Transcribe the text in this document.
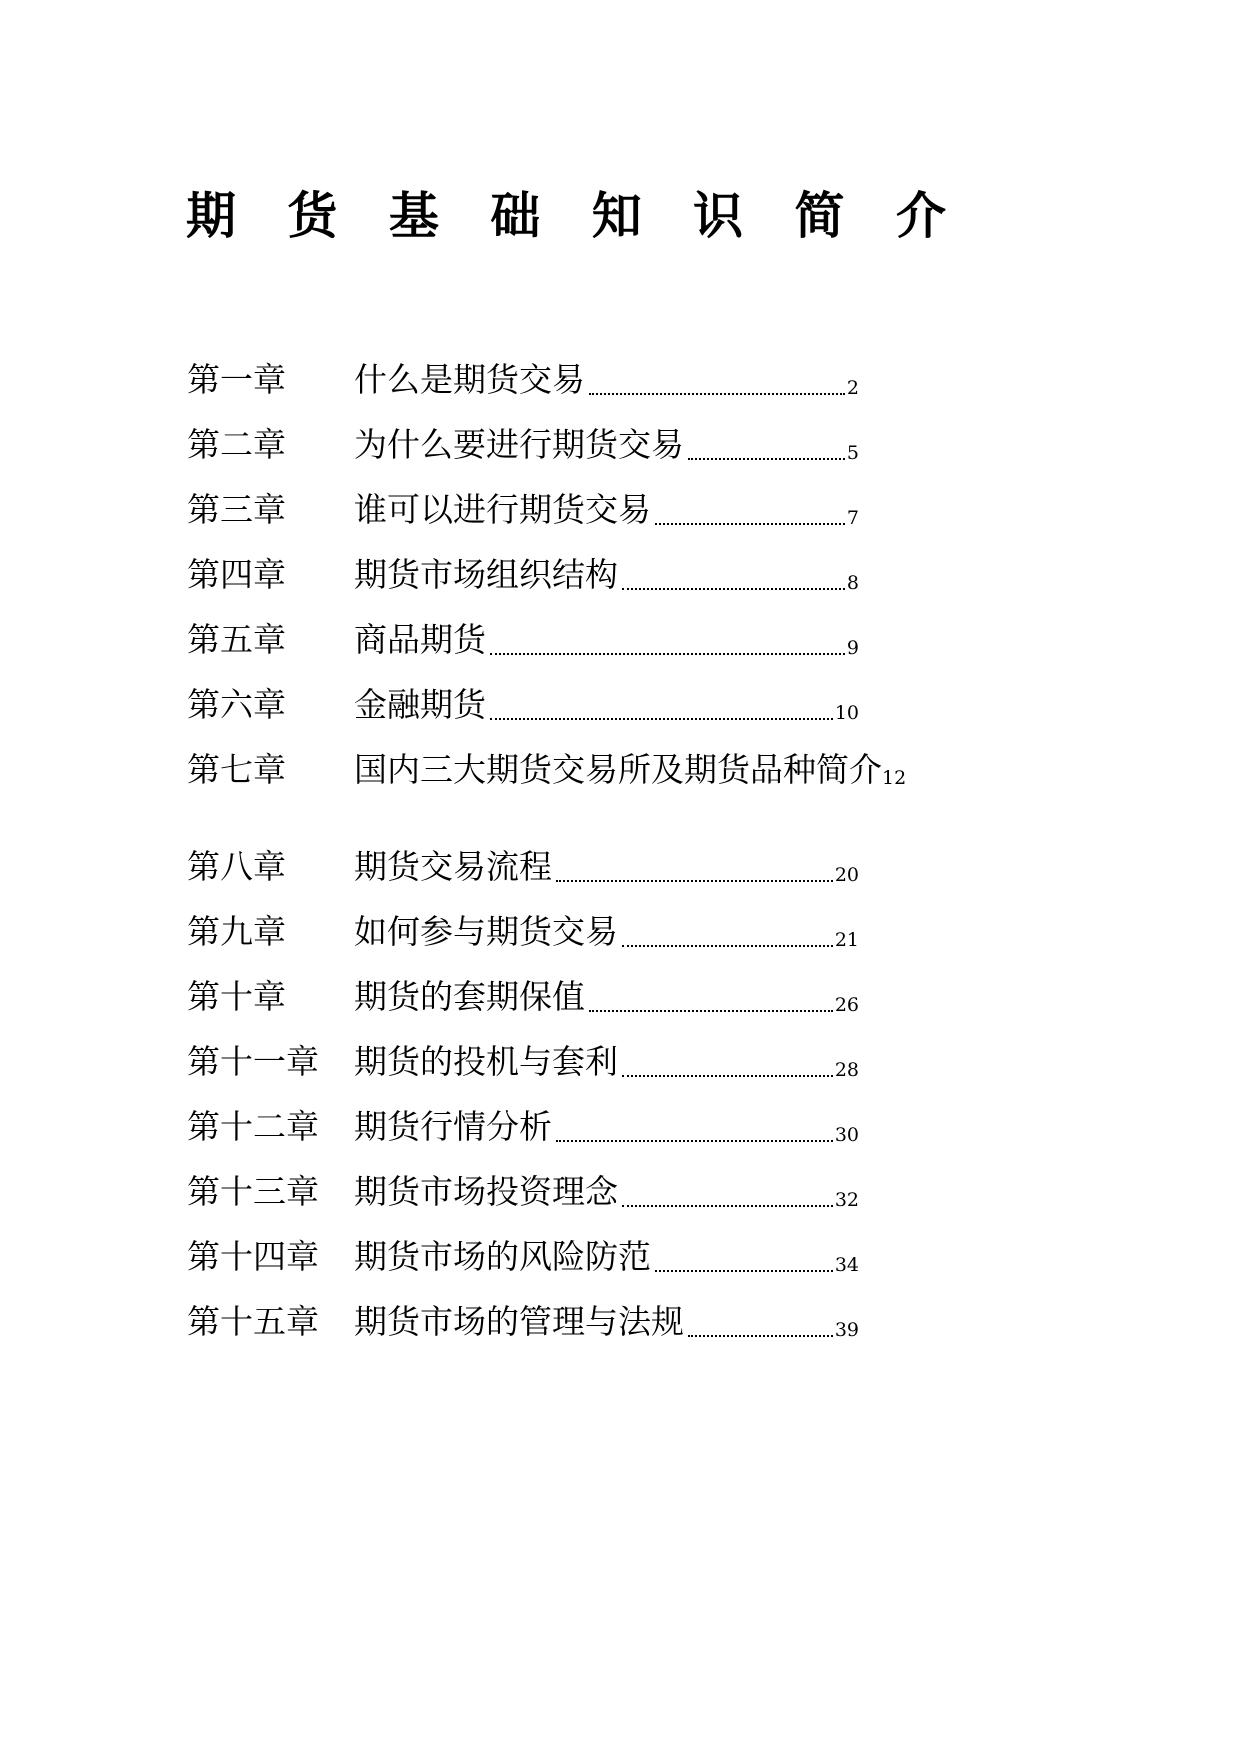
期 货 基 础 知 识 简 介
第一章	什么是期货交易	2
第二章	为什么要进行期货交易	5
第三章	谁可以进行期货交易	7
第四章	期货市场组织结构	8
第五章	商品期货	9
第六章	金融期货	10
第七章	国内三大期货交易所及期货品种简介 12
第八章	期货交易流程	20
第九章	如何参与期货交易	21
第十章	期货的套期保值	26
第十一章	期货的投机与套利	28
第十二章	期货行情分析	30
第十三章	期货市场投资理念	32
第十四章	期货市场的风险防范	34
第十五章	期货市场的管理与法规	39
